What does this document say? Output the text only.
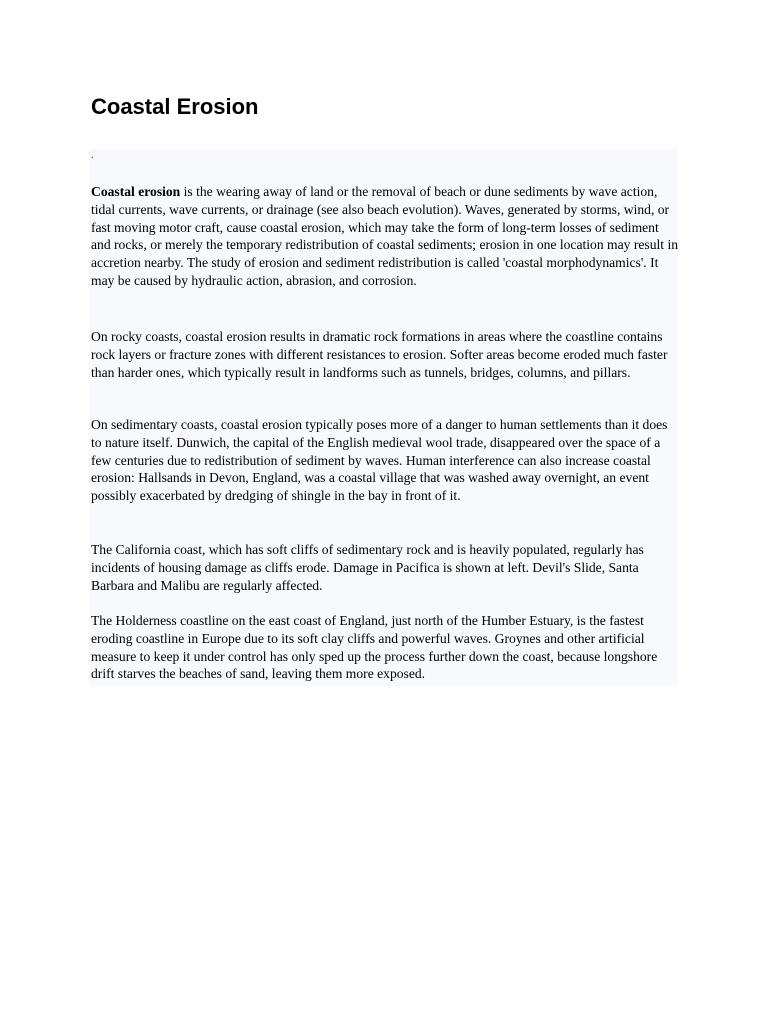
Coastal Erosion
.

Coastal erosion is the wearing away of land or the removal of beach or dune sediments by wave action, tidal currents, wave currents, or drainage (see also beach evolution). Waves, generated by storms, wind, or fast moving motor craft, cause coastal erosion, which may take the form of long-term losses of sediment and rocks, or merely the temporary redistribution of coastal sediments; erosion in one location may result in accretion nearby. The study of erosion and sediment redistribution is called 'coastal morphodynamics'. It may be caused by hydraulic action, abrasion, and corrosion.

On rocky coasts, coastal erosion results in dramatic rock formations in areas where the coastline contains rock layers or fracture zones with different resistances to erosion. Softer areas become eroded much faster than harder ones, which typically result in landforms such as tunnels, bridges, columns, and pillars.

On sedimentary coasts, coastal erosion typically poses more of a danger to human settlements than it does to nature itself. Dunwich, the capital of the English medieval wool trade, disappeared over the space of a few centuries due to redistribution of sediment by waves. Human interference can also increase coastal erosion: Hallsands in Devon, England, was a coastal village that was washed away overnight, an event possibly exacerbated by dredging of shingle in the bay in front of it.

The California coast, which has soft cliffs of sedimentary rock and is heavily populated, regularly has incidents of housing damage as cliffs erode. Damage in Pacifica is shown at left. Devil's Slide, Santa Barbara and Malibu are regularly affected.

The Holderness coastline on the east coast of England, just north of the Humber Estuary, is the fastest eroding coastline in Europe due to its soft clay cliffs and powerful waves. Groynes and other artificial measure to keep it under control has only sped up the process further down the coast, because longshore drift starves the beaches of sand, leaving them more exposed.
